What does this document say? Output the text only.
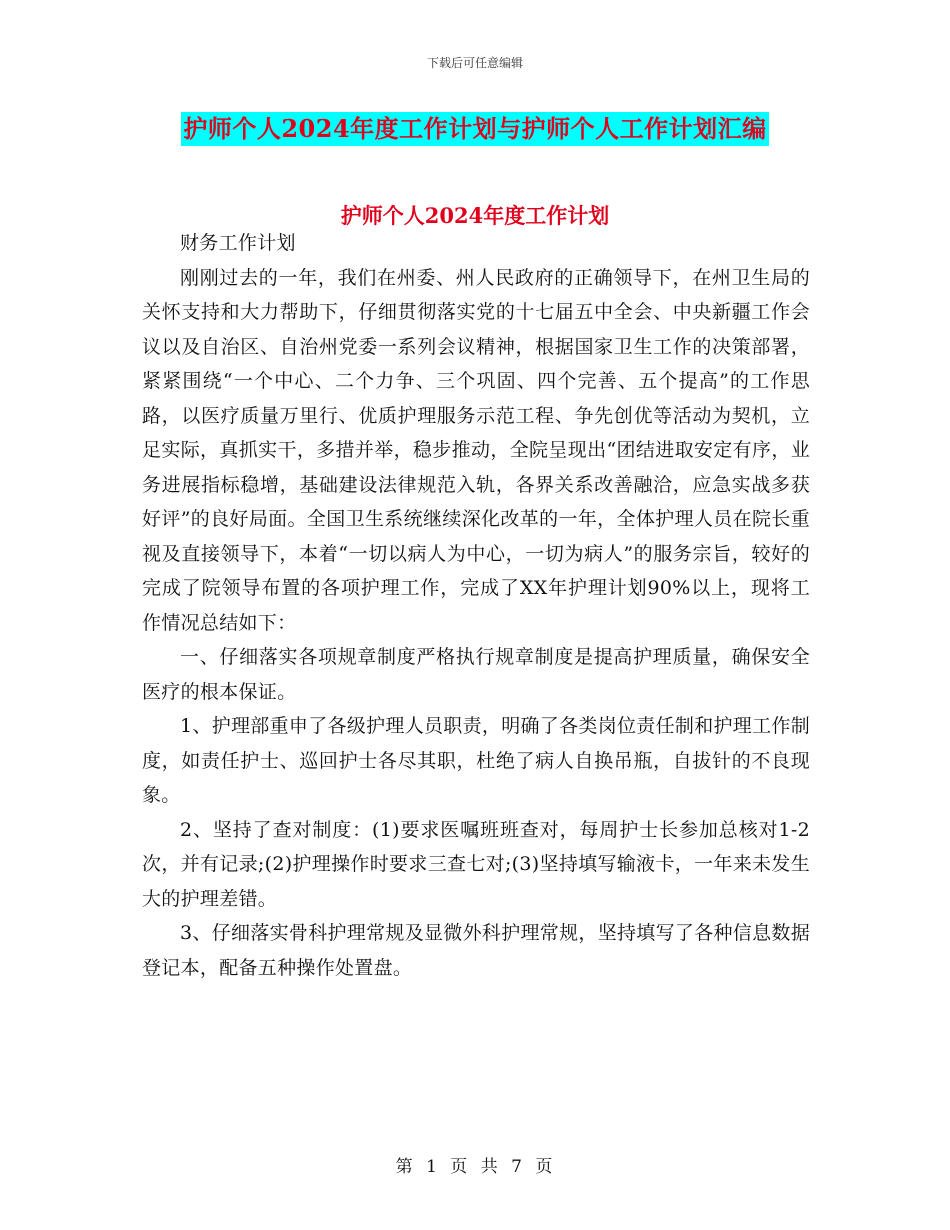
下载后可任意编辑
护师个人2024年度工作计划与护师个人工作计划汇编
护师个人2024年度工作计划

财务工作计划

刚刚过去的一年，我们在州委、州人民政府的正确领导下，在州卫生局的关怀支持和大力帮助下，仔细贯彻落实党的十七届五中全会、中央新疆工作会议以及自治区、自治州党委一系列会议精神，根据国家卫生工作的决策部署，紧紧围绕“一个中心、二个力争、三个巩固、四个完善、五个提高”的工作思路，以医疗质量万里行、优质护理服务示范工程、争先创优等活动为契机，立足实际，真抓实干，多措并举，稳步推动，全院呈现出“团结进取安定有序，业务进展指标稳增，基础建设法律规范入轨，各界关系改善融洽，应急实战多获好评”的良好局面。全国卫生系统继续深化改革的一年，全体护理人员在院长重视及直接领导下，本着“一切以病人为中心，一切为病人”的服务宗旨，较好的完成了院领导布置的各项护理工作，完成了XX年护理计划90%以上，现将工作情况总结如下：

一、仔细落实各项规章制度严格执行规章制度是提高护理质量，确保安全医疗的根本保证。

1、护理部重申了各级护理人员职责，明确了各类岗位责任制和护理工作制度，如责任护士、巡回护士各尽其职，杜绝了病人自换吊瓶，自拔针的不良现象。

2、坚持了查对制度：(1)要求医嘱班班查对，每周护士长参加总核对1-2次，并有记录;(2)护理操作时要求三查七对;(3)坚持填写输液卡，一年来未发生大的护理差错。

3、仔细落实骨科护理常规及显微外科护理常规，坚持填写了各种信息数据登记本，配备五种操作处置盘。

第 1 页 共 7 页
